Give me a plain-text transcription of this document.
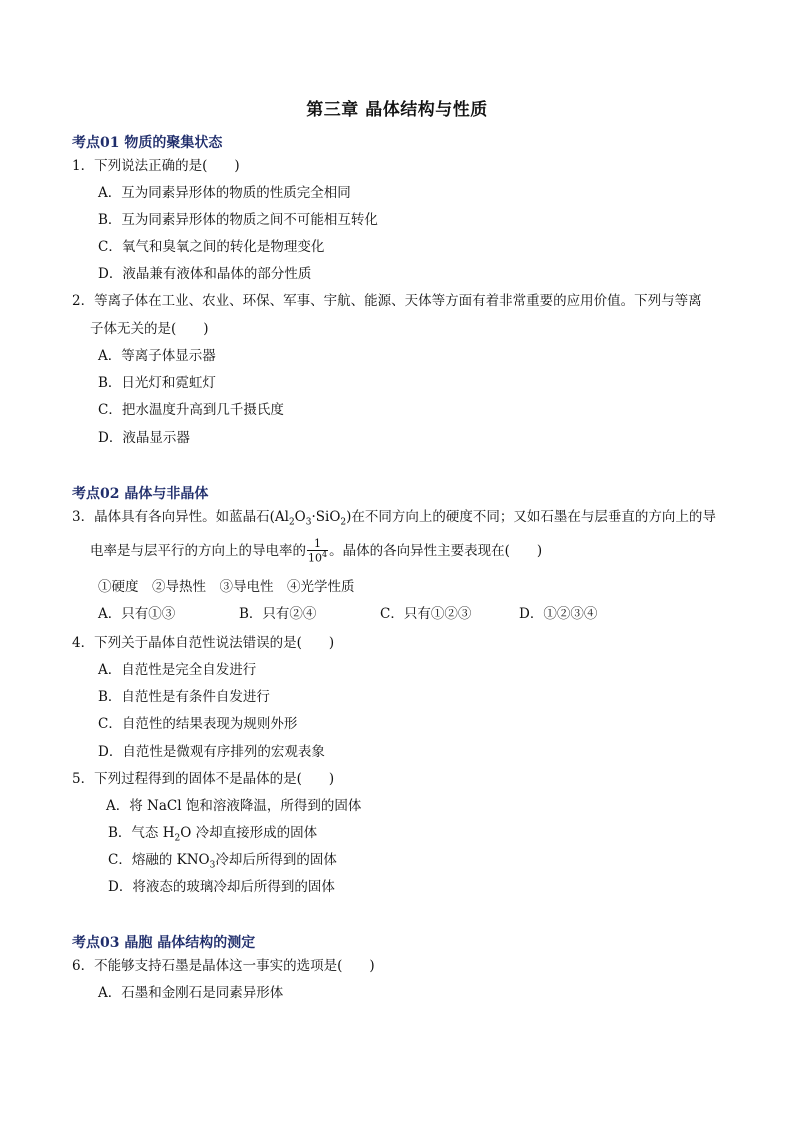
第三章 晶体结构与性质
考点01 物质的聚集状态
1．下列说法正确的是(　　)
A．互为同素异形体的物质的性质完全相同
B．互为同素异形体的物质之间不可能相互转化
C．氧气和臭氧之间的转化是物理变化
D．液晶兼有液体和晶体的部分性质
2．等离子体在工业、农业、环保、军事、宇航、能源、天体等方面有着非常重要的应用价值。下列与等离
子体无关的是(　　)
A．等离子体显示器
B．日光灯和霓虹灯
C．把水温度升高到几千摄氏度
D．液晶显示器
考点02 晶体与非晶体
3．晶体具有各向异性。如蓝晶石$(Al_2O_3\cdot SiO_2)$在不同方向上的硬度不同；又如石墨在与层垂直的方向上的导
电率是与层平行的方向上的导电率的 $\frac{1}{10^4}$ 。晶体的各向异性主要表现在(　　)
①硬度　②导热性　③导电性　④光学性质
A．只有①③	B．只有②④	C．只有①②③	D．①②③④
4．下列关于晶体自范性说法错误的是(　　)
A．自范性是完全自发进行
B．自范性是有条件自发进行
C．自范性的结果表现为规则外形
D．自范性是微观有序排列的宏观表象
5．下列过程得到的固体不是晶体的是(　　)
A．将 NaCl 饱和溶液降温，所得到的固体
B．气态 $H_2O$ 冷却直接形成的固体
C．熔融的 $KNO_3$冷却后所得到的固体
D．将液态的玻璃冷却后所得到的固体
考点03 晶胞 晶体结构的测定
6．不能够支持石墨是晶体这一事实的选项是(　　)
A．石墨和金刚石是同素异形体
